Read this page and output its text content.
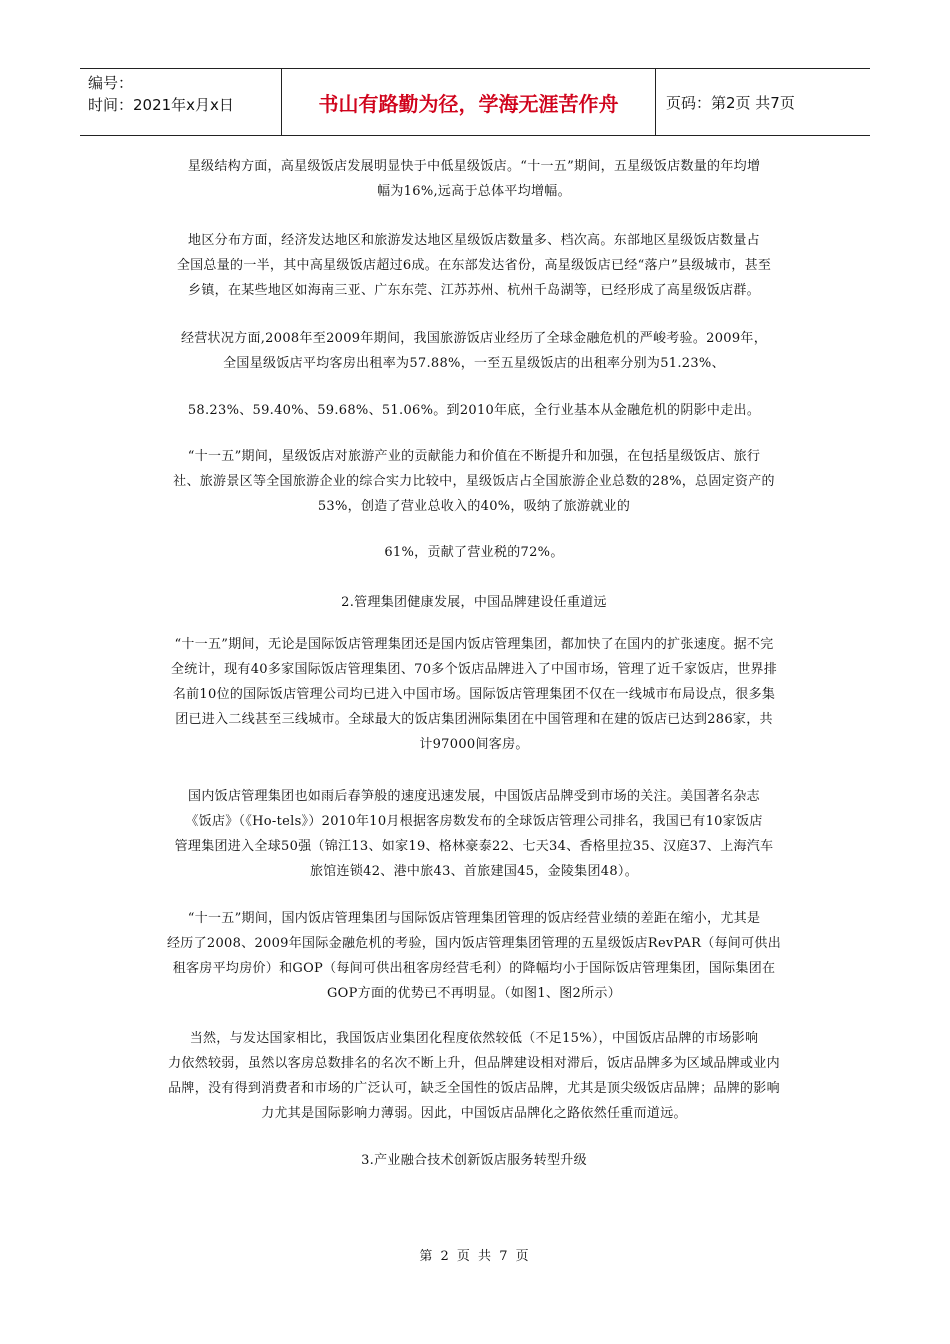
编号：
时间：2021年x月x日	书山有路勤为径，学海无涯苦作舟	页码：第2页 共7页

星级结构方面，高星级饭店发展明显快于中低星级饭店。“十一五”期间，五星级饭店数量的年均增

幅为16%,远高于总体平均增幅。

地区分布方面，经济发达地区和旅游发达地区星级饭店数量多、档次高。东部地区星级饭店数量占

全国总量的一半，其中高星级饭店超过6成。在东部发达省份，高星级饭店已经“落户”县级城市，甚至

乡镇，在某些地区如海南三亚、广东东莞、江苏苏州、杭州千岛湖等，已经形成了高星级饭店群。

经营状况方面,2008年至2009年期间，我国旅游饭店业经历了全球金融危机的严峻考验。2009年，

全国星级饭店平均客房出租率为57.88%，一至五星级饭店的出租率分别为51.23%、

58.23%、59.40%、59.68%、51.06%。到2010年底，全行业基本从金融危机的阴影中走出。

“十一五”期间，星级饭店对旅游产业的贡献能力和价值在不断提升和加强，在包括星级饭店、旅行

社、旅游景区等全国旅游企业的综合实力比较中，星级饭店占全国旅游企业总数的28%，总固定资产的

53%，创造了营业总收入的40%，吸纳了旅游就业的

61%，贡献了营业税的72%。

2.管理集团健康发展，中国品牌建设任重道远

“十一五”期间，无论是国际饭店管理集团还是国内饭店管理集团，都加快了在国内的扩张速度。据不完

全统计，现有40多家国际饭店管理集团、70多个饭店品牌进入了中国市场，管理了近千家饭店，世界排

名前10位的国际饭店管理公司均已进入中国市场。国际饭店管理集团不仅在一线城市布局设点，很多集

团已进入二线甚至三线城市。全球最大的饭店集团洲际集团在中国管理和在建的饭店已达到286家，共

计97000间客房。

国内饭店管理集团也如雨后春笋般的速度迅速发展，中国饭店品牌受到市场的关注。美国著名杂志

《饭店》（《Ho-tels》）2010年10月根据客房数发布的全球饭店管理公司排名，我国已有10家饭店

管理集团进入全球50强（锦江13、如家19、格林豪泰22、七天34、香格里拉35、汉庭37、上海汽车

旅馆连锁42、港中旅43、首旅建国45，金陵集团48）。

“十一五”期间，国内饭店管理集团与国际饭店管理集团管理的饭店经营业绩的差距在缩小，尤其是

经历了2008、2009年国际金融危机的考验，国内饭店管理集团管理的五星级饭店RevPAR（每间可供出

租客房平均房价）和GOP（每间可供出租客房经营毛利）的降幅均小于国际饭店管理集团，国际集团在

GOP方面的优势已不再明显。（如图1、图2所示）

当然，与发达国家相比，我国饭店业集团化程度依然较低（不足15%），中国饭店品牌的市场影响

力依然较弱，虽然以客房总数排名的名次不断上升，但品牌建设相对滞后，饭店品牌多为区域品牌或业内

品牌，没有得到消费者和市场的广泛认可，缺乏全国性的饭店品牌，尤其是顶尖级饭店品牌；品牌的影响

力尤其是国际影响力薄弱。因此，中国饭店品牌化之路依然任重而道远。

3.产业融合技术创新饭店服务转型升级

第 2 页 共 7 页
